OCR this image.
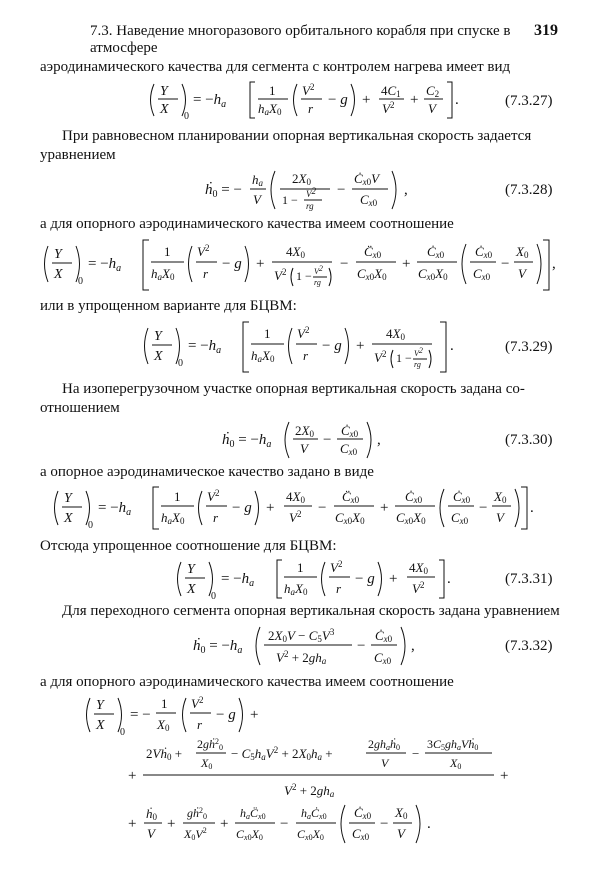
7.3. Наведение многоразового орбитального корабля при спуске в атмосфере
319
аэродинамического качества для сегмента с контролем нагрева имеет вид
Y
X 0
= $-h_a$
1
haX0
$V^2$
r
− g +
4C1
$V^2$ +
C2
V
.	(7.3.27)
При равновесном планировании опорная вертикальная скорость задается
уравнением
ḣ$_0$ = −
ha
V
2X0
1 − V2
rg
−
Ċx0V
Cx0
,	(7.3.28)
а для опорного аэродинамического качества имеем соотношение
Y
X 0
= $-h_a$
1
haX0
$V^2$
r
− g +
4X0
$V^2$ 1 − V2
rg
−
C̈x0
Cx0X0
+
Ċx0
Cx0X0
Ċx0
Cx0
−
X0
V
,
или в упрощенном варианте для БЦВМ:
Y
X 0
= $-h_a$
1
haX0
$V^2$
r
− g +
4X0
$V^2$ 1 − V2
rg
.	(7.3.29)
На изоперегрузочном участке опорная вертикальная скорость задана со-
отношением
ḣ$_0$ = $-h_a$
2X0
V
−
Ċx0
Cx0
,	(7.3.30)
а опорное аэродинамическое качество задано в виде
Y
X 0
= $-h_a$
1
haX0
$V^2$
r
− g +
4X0
$V^2$ −
C̈x0
Cx0X0
+
Ċx0
Cx0X0
Ċx0
Cx0
−
X0
V
.
Отсюда упрощенное соотношение для БЦВМ:
Y
X 0
= $-h_a$
1
haX0
$V^2$
r
− g +
4X0
$V^2$ .	(7.3.31)
Для переходного сегмента опорная вертикальная скорость задана уравнением
ḣ$_0$ = $-h_a$
$2X0V - C5V^3$
$V^2 + 2gha$
−
Ċx0
Cx0
,	(7.3.32)
а для опорного аэродинамического качества имеем соотношение
Y
X 0
= −
1
X0
$V^2$
r
− g +
2Vḣ0 +
2gḣ$^2_0$
X0
− C5haV$^2$ + 2X0ha +
2ghaḣ0
V
−
3C5ghaVḣ0
X0
+	+
$V^2 + 2gha$
+
ḣ0
V
+
gḣ$^2_0$
$X0V^2$ +
haC̈x0
Cx0X0
−
haĊx0
Cx0X0
Ċx0
Cx0
−
X0
V
.
